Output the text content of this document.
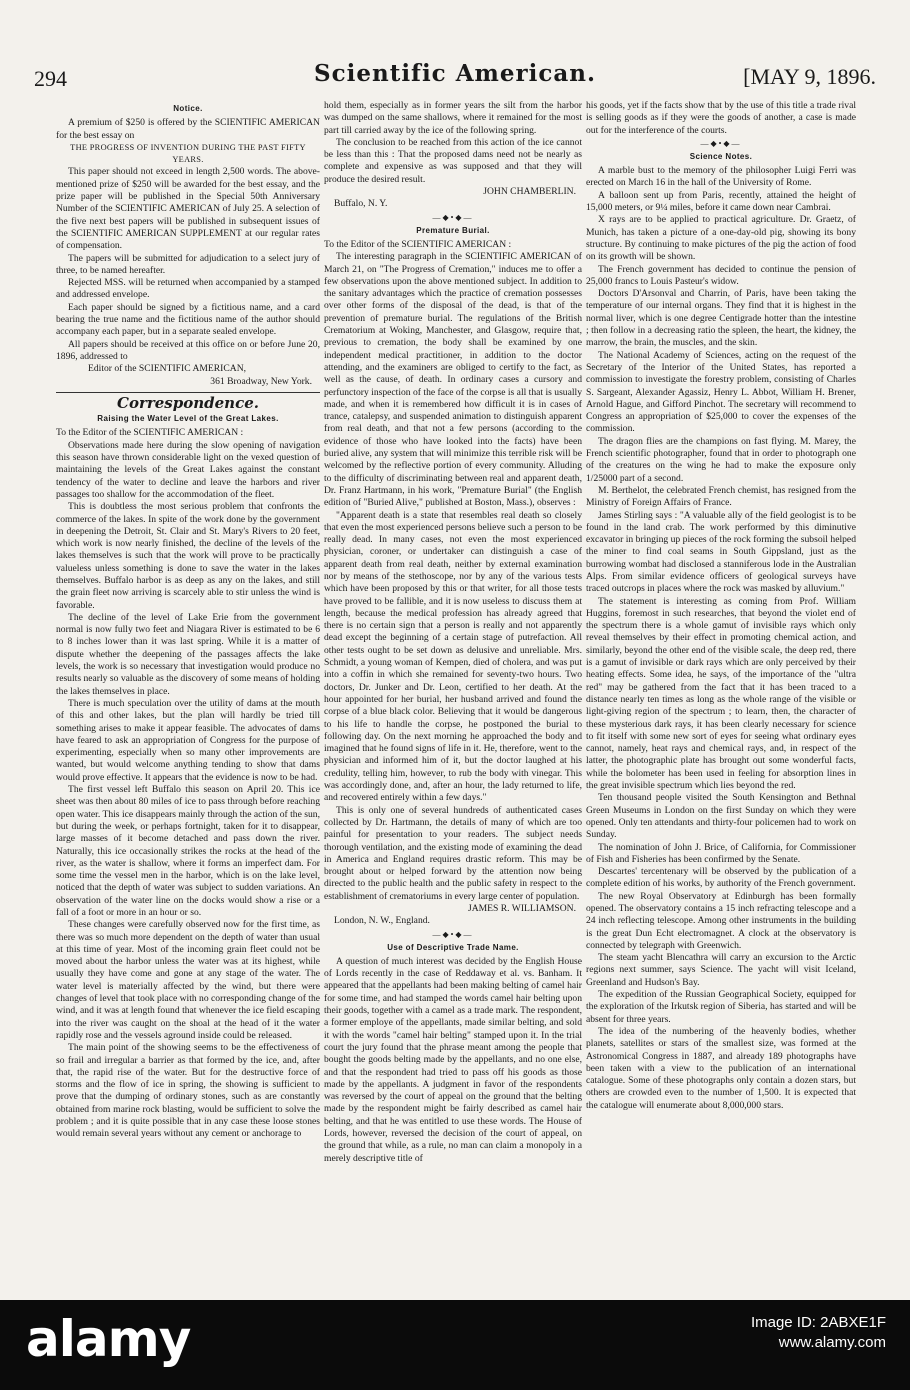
294	Scientific American.	[MAY 9, 1896.
Notice.

A premium of $250 is offered by the SCIENTIFIC AMERICAN for the best essay on

THE PROGRESS OF INVENTION DURING THE PAST FIFTY YEARS.

This paper should not exceed in length 2,500 words. The above-mentioned prize of $250 will be awarded for the best essay, and the prize paper will be published in the Special 50th Anniversary Number of the SCIENTIFIC AMERICAN of July 25. A selection of the five next best papers will be published in subsequent issues of the SCIENTIFIC AMERICAN SUPPLEMENT at our regular rates of compensation.

The papers will be submitted for adjudication to a select jury of three, to be named hereafter.

Rejected MSS. will be returned when accompanied by a stamped and addressed envelope.

Each paper should be signed by a fictitious name, and a card bearing the true name and the fictitious name of the author should accompany each paper, but in a separate sealed envelope.

All papers should be received at this office on or before June 20, 1896, addressed to

Editor of the SCIENTIFIC AMERICAN,

361 Broadway, New York.

Correspondence.
Raising the Water Level of the Great Lakes.

To the Editor of the SCIENTIFIC AMERICAN :

Observations made here during the slow opening of navigation this season have thrown considerable light on the vexed question of maintaining the levels of the Great Lakes against the constant tendency of the water to decline and leave the harbors and river passages too shallow for the accommodation of the fleet.

This is doubtless the most serious problem that confronts the commerce of the lakes. In spite of the work done by the government in deepening the Detroit, St. Clair and St. Mary's Rivers to 20 feet, which work is now nearly finished, the decline of the levels of the lakes themselves is such that the work will prove to be practically valueless unless something is done to save the water in the lakes themselves. Buffalo harbor is as deep as any on the lakes, and still the grain fleet now arriving is scarcely able to stir unless the wind is favorable.

The decline of the level of Lake Erie from the government normal is now fully two feet and Niagara River is estimated to be 6 to 8 inches lower than it was last spring. While it is a matter of dispute whether the deepening of the passages affects the lake levels, the work is so necessary that investigation would produce no results nearly so valuable as the discovery of some means of holding the lakes themselves in place.

There is much speculation over the utility of dams at the mouth of this and other lakes, but the plan will hardly be tried till something arises to make it appear feasible. The advocates of dams have feared to ask an appropriation of Congress for the purpose of experimenting, especially when so many other improvements are wanted, but would welcome anything tending to show that dams would prove effective. It appears that the evidence is now to be had.

The first vessel left Buffalo this season on April 20. This ice sheet was then about 80 miles of ice to pass through before reaching open water. This ice disappears mainly through the action of the sun, but during the week, or perhaps fortnight, taken for it to disappear, large masses of it become detached and pass down the river. Naturally, this ice occasionally strikes the rocks at the head of the river, as the water is shallow, where it forms an imperfect dam. For some time the vessel men in the harbor, which is on the lake level, noticed that the depth of water was subject to sudden variations. An observation of the water line on the docks would show a rise or a fall of a foot or more in an hour or so.

These changes were carefully observed now for the first time, as there was so much more dependent on the depth of water than usual at this time of year. Most of the incoming grain fleet could not be moved about the harbor unless the water was at its highest, while usually they have come and gone at any stage of the water. The water level is materially affected by the wind, but there were changes of level that took place with no corresponding change of the wind, and it was at length found that whenever the ice field escaping into the river was caught on the shoal at the head of it the water rapidly rose and the vessels aground inside could be released.

The main point of the showing seems to be the effectiveness of so frail and irregular a barrier as that formed by the ice, and, after that, the rapid rise of the water. But for the destructive force of storms and the flow of ice in spring, the showing is sufficient to prove that the dumping of ordinary stones, such as are constantly obtained from marine rock blasting, would be sufficient to solve the problem ; and it is quite possible that in any case these loose stones would remain several years without any cement or anchorage to

hold them, especially as in former years the silt from the harbor was dumped on the same shallows, where it remained for the most part till carried away by the ice of the following spring.

The conclusion to be reached from this action of the ice cannot be less than this : That the proposed dams need not be nearly as complete and expensive as was supposed and that they will produce the desired result.

JOHN CHAMBERLIN.

Buffalo, N. Y.

—◆•◆—
Premature Burial.

To the Editor of the SCIENTIFIC AMERICAN :

The interesting paragraph in the SCIENTIFIC AMERICAN of March 21, on "The Progress of Cremation," induces me to offer a few observations upon the above mentioned subject. In addition to the sanitary advantages which the practice of cremation possesses over other forms of the disposal of the dead, is that of the prevention of premature burial. The regulations of the British Crematorium at Woking, Manchester, and Glasgow, require that, previous to cremation, the body shall be examined by one independent medical practitioner, in addition to the doctor attending, and the examiners are obliged to certify to the fact, as well as the cause, of death. In ordinary cases a cursory and perfunctory inspection of the face of the corpse is all that is usually made, and when it is remembered how difficult it is in cases of trance, catalepsy, and suspended animation to distinguish apparent from real death, and that not a few persons (according to the evidence of those who have looked into the facts) have been buried alive, any system that will minimize this terrible risk will be welcomed by the reflective portion of every community. Alluding to the difficulty of discriminating between real and apparent death, Dr. Franz Hartmann, in his work, "Premature Burial" (the English edition of "Buried Alive," published at Boston, Mass.), observes :

"Apparent death is a state that resembles real death so closely that even the most experienced persons believe such a person to be really dead. In many cases, not even the most experienced physician, coroner, or undertaker can distinguish a case of apparent death from real death, neither by external examination nor by means of the stethoscope, nor by any of the various tests which have been proposed by this or that writer, for all those tests have proved to be fallible, and it is now useless to discuss them at length, because the medical profession has already agreed that there is no certain sign that a person is really and not apparently dead except the beginning of a certain stage of putrefaction. All other tests ought to be set down as delusive and unreliable. Mrs. Schmidt, a young woman of Kempen, died of cholera, and was put into a coffin in which she remained for seventy-two hours. Two doctors, Dr. Junker and Dr. Leon, certified to her death. At the hour appointed for her burial, her husband arrived and found the corpse of a blue black color. Believing that it would be dangerous to his life to handle the corpse, he postponed the burial to following day. On the next morning he approached the body and imagined that he found signs of life in it. He, therefore, went to the physician and informed him of it, but the doctor laughed at his credulity, telling him, however, to rub the body with vinegar. This was accordingly done, and, after an hour, the lady returned to life, and recovered entirely within a few days."

This is only one of several hundreds of authenticated cases collected by Dr. Hartmann, the details of many of which are too painful for presentation to your readers. The subject needs thorough ventilation, and the existing mode of examining the dead in America and England requires drastic reform. This may be brought about or helped forward by the attention now being directed to the public health and the public safety in respect to the establishment of crematoriums in every large center of population.

JAMES R. WILLIAMSON.

London, N. W., England.

—◆•◆—
Use of Descriptive Trade Name.

A question of much interest was decided by the English House of Lords recently in the case of Reddaway et al. vs. Banham. It appeared that the appellants had been making belting of camel hair for some time, and had stamped the words camel hair belting upon their goods, together with a camel as a trade mark. The respondent, a former employe of the appellants, made similar belting, and sold it with the words "camel hair belting" stamped upon it. In the trial court the jury found that the phrase meant among the people that bought the goods belting made by the appellants, and no one else, and that the respondent had tried to pass off his goods as those made by the appellants. A judgment in favor of the respondents was reversed by the court of appeal on the ground that the belting made by the respondent might be fairly described as camel hair belting, and that he was entitled to use these words. The House of Lords, however, reversed the decision of the court of appeal, on the ground that while, as a rule, no man can claim a monopoly in a merely descriptive title of

his goods, yet if the facts show that by the use of this title a trade rival is selling goods as if they were the goods of another, a case is made out for the interference of the courts.

—◆•◆—
Science Notes.

A marble bust to the memory of the philosopher Luigi Ferri was erected on March 16 in the hall of the University of Rome.

A balloon sent up from Paris, recently, attained the height of 15,000 meters, or 9¼ miles, before it came down near Cambrai.

X rays are to be applied to practical agriculture. Dr. Graetz, of Munich, has taken a picture of a one-day-old pig, showing its bony structure. By continuing to make pictures of the pig the action of food on its growth will be shown.

The French government has decided to continue the pension of 25,000 francs to Louis Pasteur's widow.

Doctors D'Arsonval and Charrin, of Paris, have been taking the temperature of our internal organs. They find that it is highest in the normal liver, which is one degree Centigrade hotter than the intestine ; then follow in a decreasing ratio the spleen, the heart, the kidney, the marrow, the brain, the muscles, and the skin.

The National Academy of Sciences, acting on the request of the Secretary of the Interior of the United States, has reported a commission to investigate the forestry problem, consisting of Charles S. Sargeant, Alexander Agassiz, Henry L. Abbot, William H. Brener, Arnold Hague, and Gifford Pinchot. The secretary will recommend to Congress an appropriation of $25,000 to cover the expenses of the commission.

The dragon flies are the champions on fast flying. M. Marey, the French scientific photographer, found that in order to photograph one of the creatures on the wing he had to make the exposure only 1/25000 part of a second.

M. Berthelot, the celebrated French chemist, has resigned from the Ministry of Foreign Affairs of France.

James Stirling says : "A valuable ally of the field geologist is to be found in the land crab. The work performed by this diminutive excavator in bringing up pieces of the rock forming the subsoil helped the miner to find coal seams in South Gippsland, just as the burrowing wombat had disclosed a stanniferous lode in the Australian Alps. From similar evidence officers of geological surveys have traced outcrops in places where the rock was masked by alluvium."

The statement is interesting as coming from Prof. William Huggins, foremost in such researches, that beyond the violet end of the spectrum there is a whole gamut of invisible rays which only reveal themselves by their effect in promoting chemical action, and similarly, beyond the other end of the visible scale, the deep red, there is a gamut of invisible or dark rays which are only perceived by their heating effects. Some idea, he says, of the importance of the "ultra red" may be gathered from the fact that it has been traced to a distance nearly ten times as long as the whole range of the visible or light-giving region of the spectrum ; to learn, then, the character of these mysterious dark rays, it has been clearly necessary for science to fit itself with some new sort of eyes for seeing what ordinary eyes cannot, namely, heat rays and chemical rays, and, in respect of the latter, the photographic plate has brought out some wonderful facts, while the bolometer has been used in feeling for absorption lines in the great invisible spectrum which lies beyond the red.

Ten thousand people visited the South Kensington and Bethnal Green Museums in London on the first Sunday on which they were opened. Only ten attendants and thirty-four policemen had to work on Sunday.

The nomination of John J. Brice, of California, for Commissioner of Fish and Fisheries has been confirmed by the Senate.

Descartes' tercentenary will be observed by the publication of a complete edition of his works, by authority of the French government.

The new Royal Observatory at Edinburgh has been formally opened. The observatory contains a 15 inch refracting telescope and a 24 inch reflecting telescope. Among other instruments in the building is the great Dun Echt electromagnet. A clock at the observatory is connected by telegraph with Greenwich.

The steam yacht Blencathra will carry an excursion to the Arctic regions next summer, says Science. The yacht will visit Iceland, Greenland and Hudson's Bay.

The expedition of the Russian Geographical Society, equipped for the exploration of the Irkutsk region of Siberia, has started and will be absent for three years.

The idea of the numbering of the heavenly bodies, whether planets, satellites or stars of the smallest size, was formed at the Astronomical Congress in 1887, and already 189 photographs have been taken with a view to the publication of an international catalogue. Some of these photographs only contain a dozen stars, but others are crowded even to the number of 1,500. It is expected that the catalogue will enumerate about 8,000,000 stars.

alamy	Image ID: 2ABXE1F
www.alamy.com
